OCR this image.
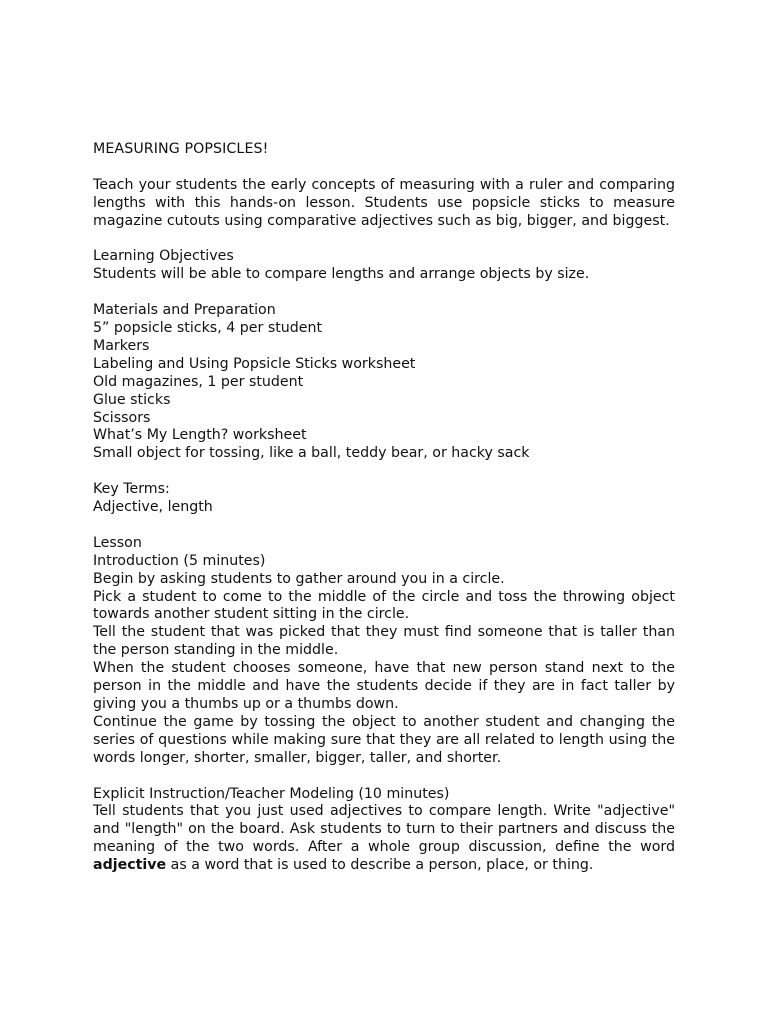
MEASURING POPSICLES!
Teach your students the early concepts of measuring with a ruler and comparing lengths with this hands-on lesson. Students use popsicle sticks to measure magazine cutouts using comparative adjectives such as big, bigger, and biggest.
Learning Objectives
Students will be able to compare lengths and arrange objects by size.
Materials and Preparation
5” popsicle sticks, 4 per student
Markers
Labeling and Using Popsicle Sticks worksheet
Old magazines, 1 per student
Glue sticks
Scissors
What’s My Length? worksheet
Small object for tossing, like a ball, teddy bear, or hacky sack
Key Terms:
Adjective, length
Lesson
Introduction (5 minutes)
Begin by asking students to gather around you in a circle.
Pick a student to come to the middle of the circle and toss the throwing object towards another student sitting in the circle.
Tell the student that was picked that they must find someone that is taller than the person standing in the middle.
When the student chooses someone, have that new person stand next to the person in the middle and have the students decide if they are in fact taller by giving you a thumbs up or a thumbs down.
Continue the game by tossing the object to another student and changing the series of questions while making sure that they are all related to length using the words longer, shorter, smaller, bigger, taller, and shorter.
Explicit Instruction/Teacher Modeling (10 minutes)
Tell students that you just used adjectives to compare length. Write "adjective" and "length" on the board. Ask students to turn to their partners and discuss the meaning of the two words. After a whole group discussion, define the word adjective as a word that is used to describe a person, place, or thing.
